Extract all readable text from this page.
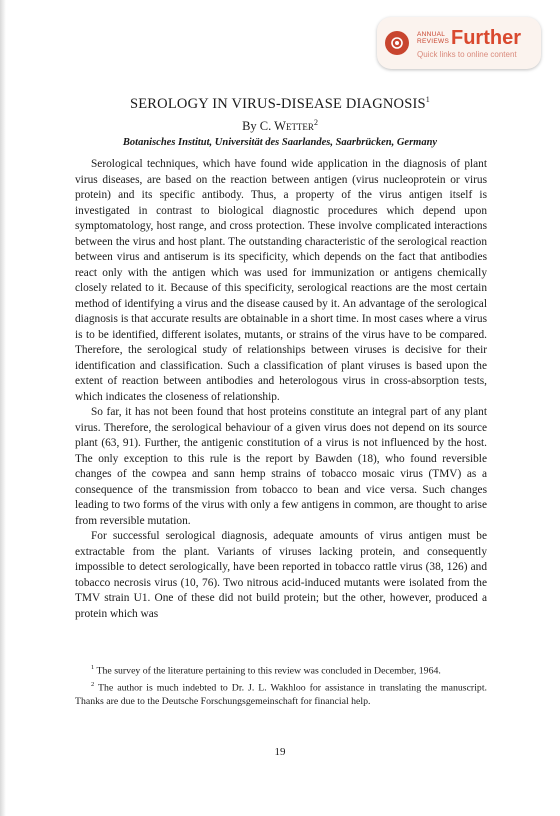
ANNUAL REVIEWS Further
Quick links to online content
SEROLOGY IN VIRUS-DISEASE DIAGNOSIS$^1$
By C. Wetter$^2$
Botanisches Institut, Universität des Saarlandes, Saarbrücken, Germany

Serological techniques, which have found wide application in the diagnosis of plant virus diseases, are based on the reaction between antigen (virus nucleoprotein or virus protein) and its specific antibody. Thus, a property of the virus antigen itself is investigated in contrast to biological diagnostic procedures which depend upon symptomatology, host range, and cross protection. These involve complicated interactions between the virus and host plant. The outstanding characteristic of the serological reaction between virus and antiserum is its specificity, which depends on the fact that antibodies react only with the antigen which was used for immunization or antigens chemically closely related to it. Because of this specificity, serological reactions are the most certain method of identifying a virus and the disease caused by it. An advantage of the serological diagnosis is that accurate results are obtainable in a short time. In most cases where a virus is to be identified, different isolates, mutants, or strains of the virus have to be compared. Therefore, the serological study of relationships between viruses is decisive for their identification and classification. Such a classification of plant viruses is based upon the extent of reaction between antibodies and heterologous virus in cross-absorption tests, which indicates the closeness of relationship.

So far, it has not been found that host proteins constitute an integral part of any plant virus. Therefore, the serological behaviour of a given virus does not depend on its source plant (63, 91). Further, the antigenic constitution of a virus is not influenced by the host. The only exception to this rule is the report by Bawden (18), who found reversible changes of the cowpea and sann hemp strains of tobacco mosaic virus (TMV) as a consequence of the transmission from tobacco to bean and vice versa. Such changes leading to two forms of the virus with only a few antigens in common, are thought to arise from reversible mutation.

For successful serological diagnosis, adequate amounts of virus antigen must be extractable from the plant. Variants of viruses lacking protein, and consequently impossible to detect serologically, have been reported in tobacco rattle virus (38, 126) and tobacco necrosis virus (10, 76). Two nitrous acid-induced mutants were isolated from the TMV strain U1. One of these did not build protein; but the other, however, produced a protein which was

$^1$ The survey of the literature pertaining to this review was concluded in December, 1964.

$^2$ The author is much indebted to Dr. J. L. Wakhloo for assistance in translating the manuscript. Thanks are due to the Deutsche Forschungsgemeinschaft for financial help.

19
